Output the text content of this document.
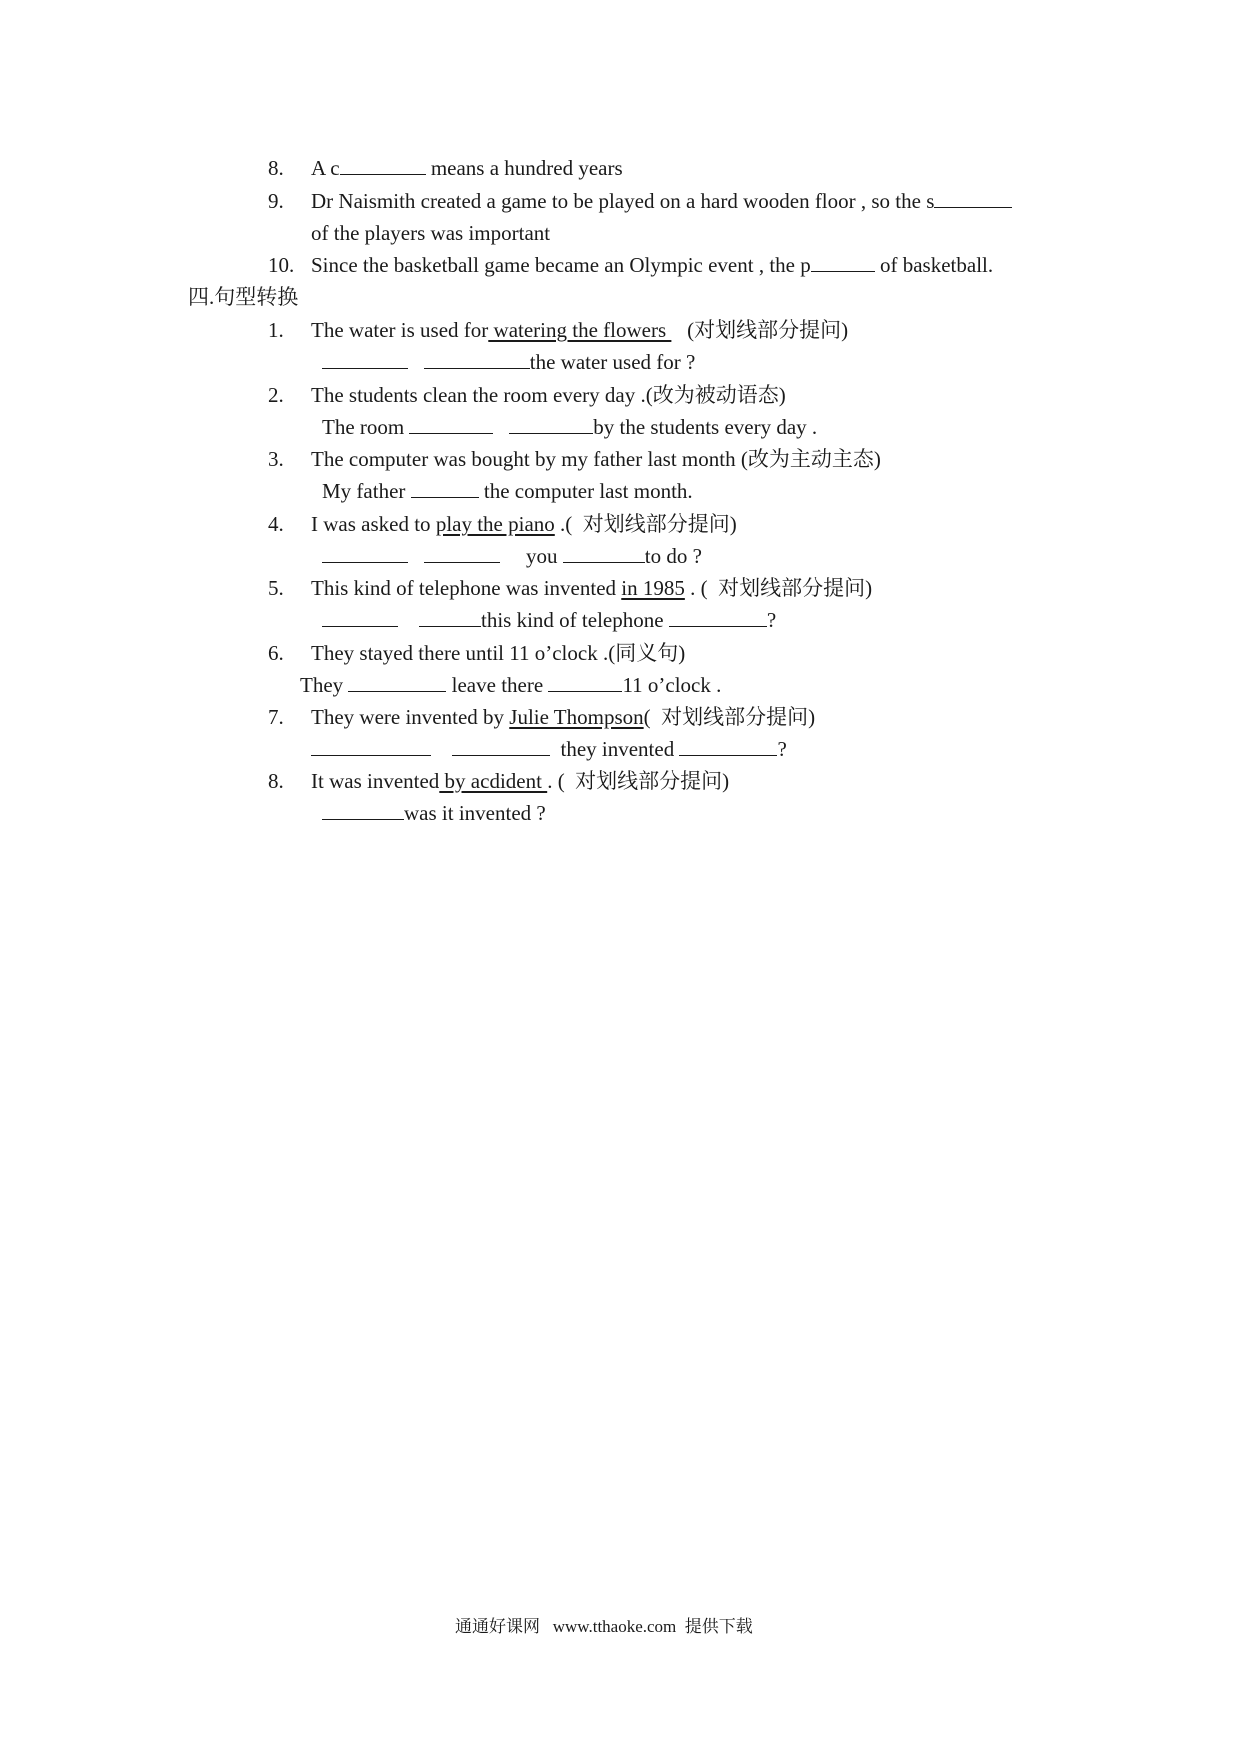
8. A c	means a hundred years
9. Dr Naismith created a game to be played on a hard wooden floor , so the s
of the players was important
10. Since the basketball game became an Olympic event , the p	of basketball.
四.句型转换
1. The water is used for watering the flowers    (对划线部分提问)
the water used for ?
2. The students clean the room every day .(改为被动语态)
The room	by the students every day .
3. The computer was bought by my father last month (改为主动主态)
My father	the computer last month.
4. I was asked to play the piano .(  对划线部分提问)
you	to do ?
5. This kind of telephone was invented in 1985 . (  对划线部分提问)
this kind of telephone	?
6. They stayed there until 11 o’clock .(同义句)
They	leave there	11 o’clock .
7. They were invented by Julie Thompson(  对划线部分提问)
they invented	?
8. It was invented by acdident . (  对划线部分提问)
was it invented ?
通通好课网   www.tthaoke.com  提供下载
